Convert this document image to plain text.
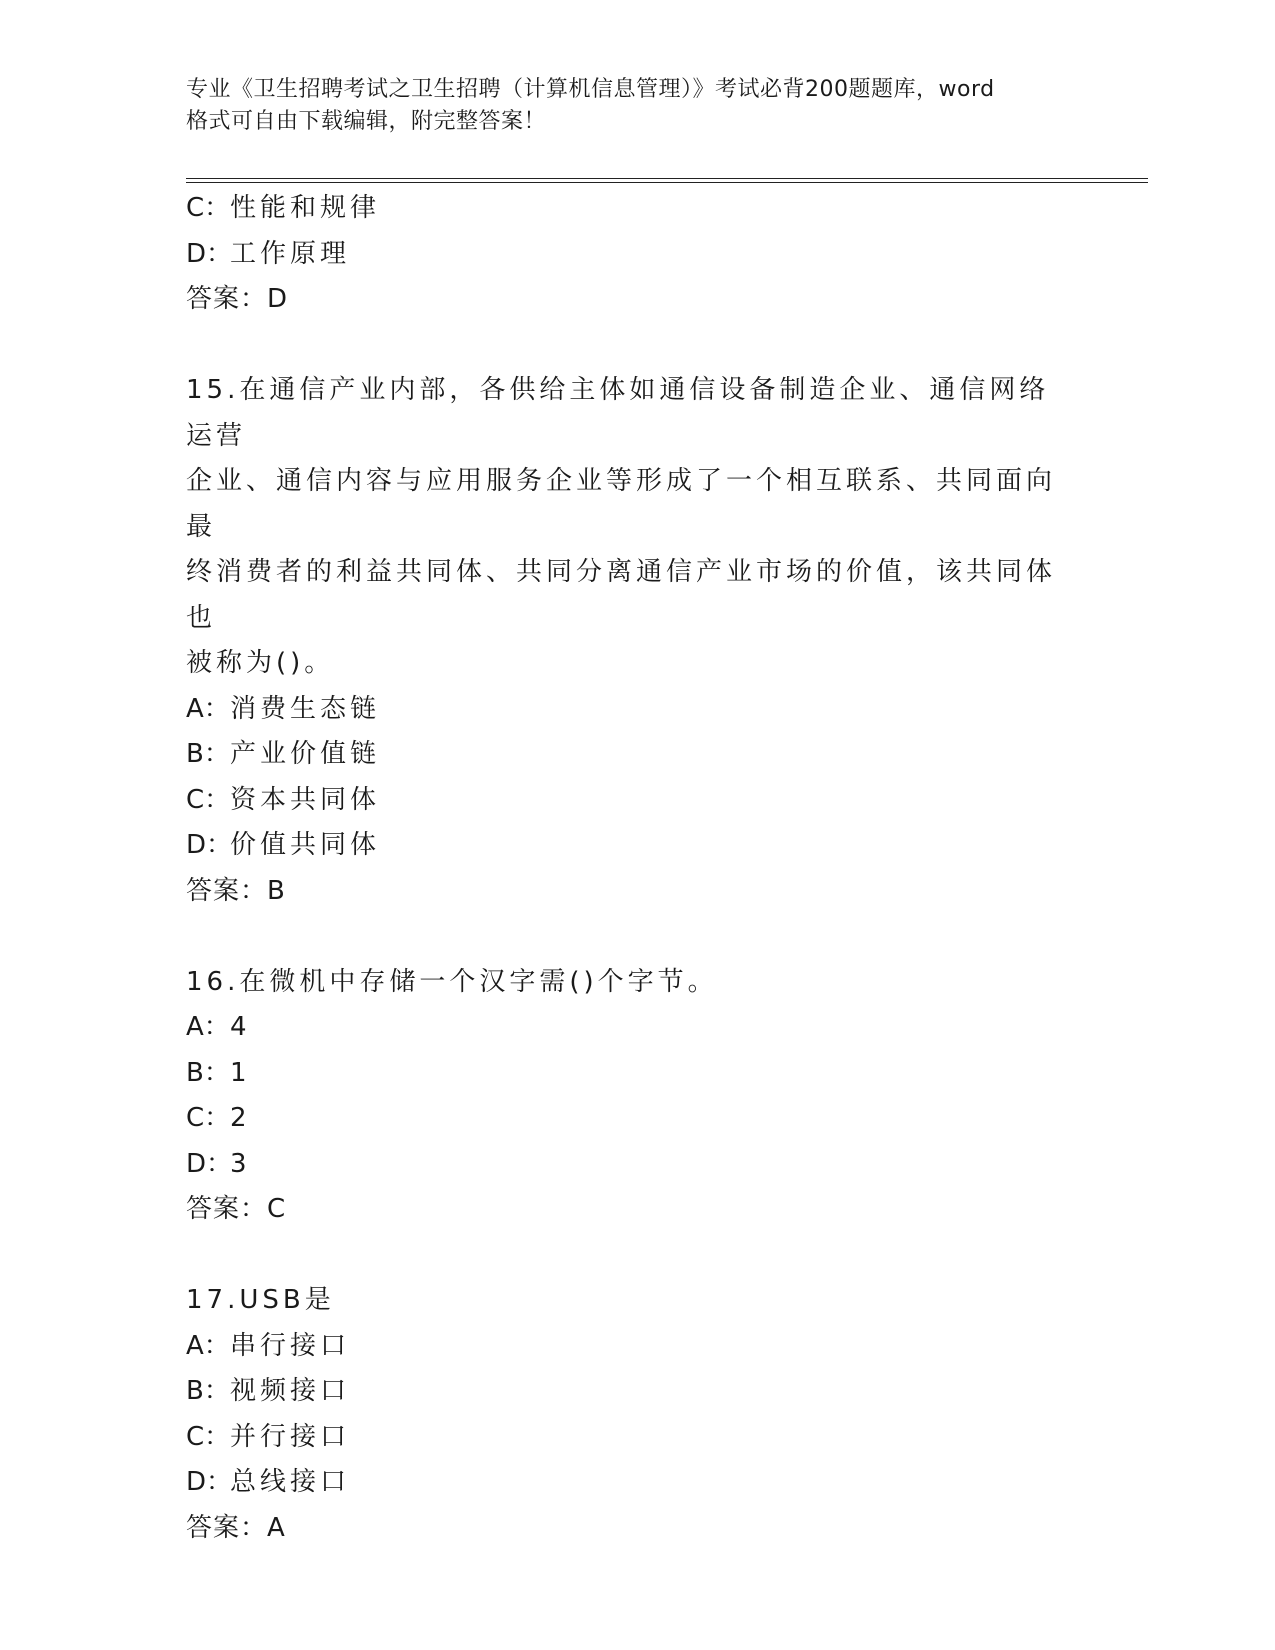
专业《卫生招聘考试之卫生招聘（计算机信息管理）》考试必背200题题库，word
格式可自由下载编辑，附完整答案！
C：性能和规律
D：工作原理
答案：D
15.在通信产业内部，各供给主体如通信设备制造企业、通信网络运营
企业、通信内容与应用服务企业等形成了一个相互联系、共同面向最
终消费者的利益共同体、共同分离通信产业市场的价值，该共同体也
被称为()。
A：消费生态链
B：产业价值链
C：资本共同体
D：价值共同体
答案：B
16.在微机中存储一个汉字需()个字节。
A：4
B：1
C：2
D：3
答案：C
17.USB是
A：串行接口
B：视频接口
C：并行接口
D：总线接口
答案：A
